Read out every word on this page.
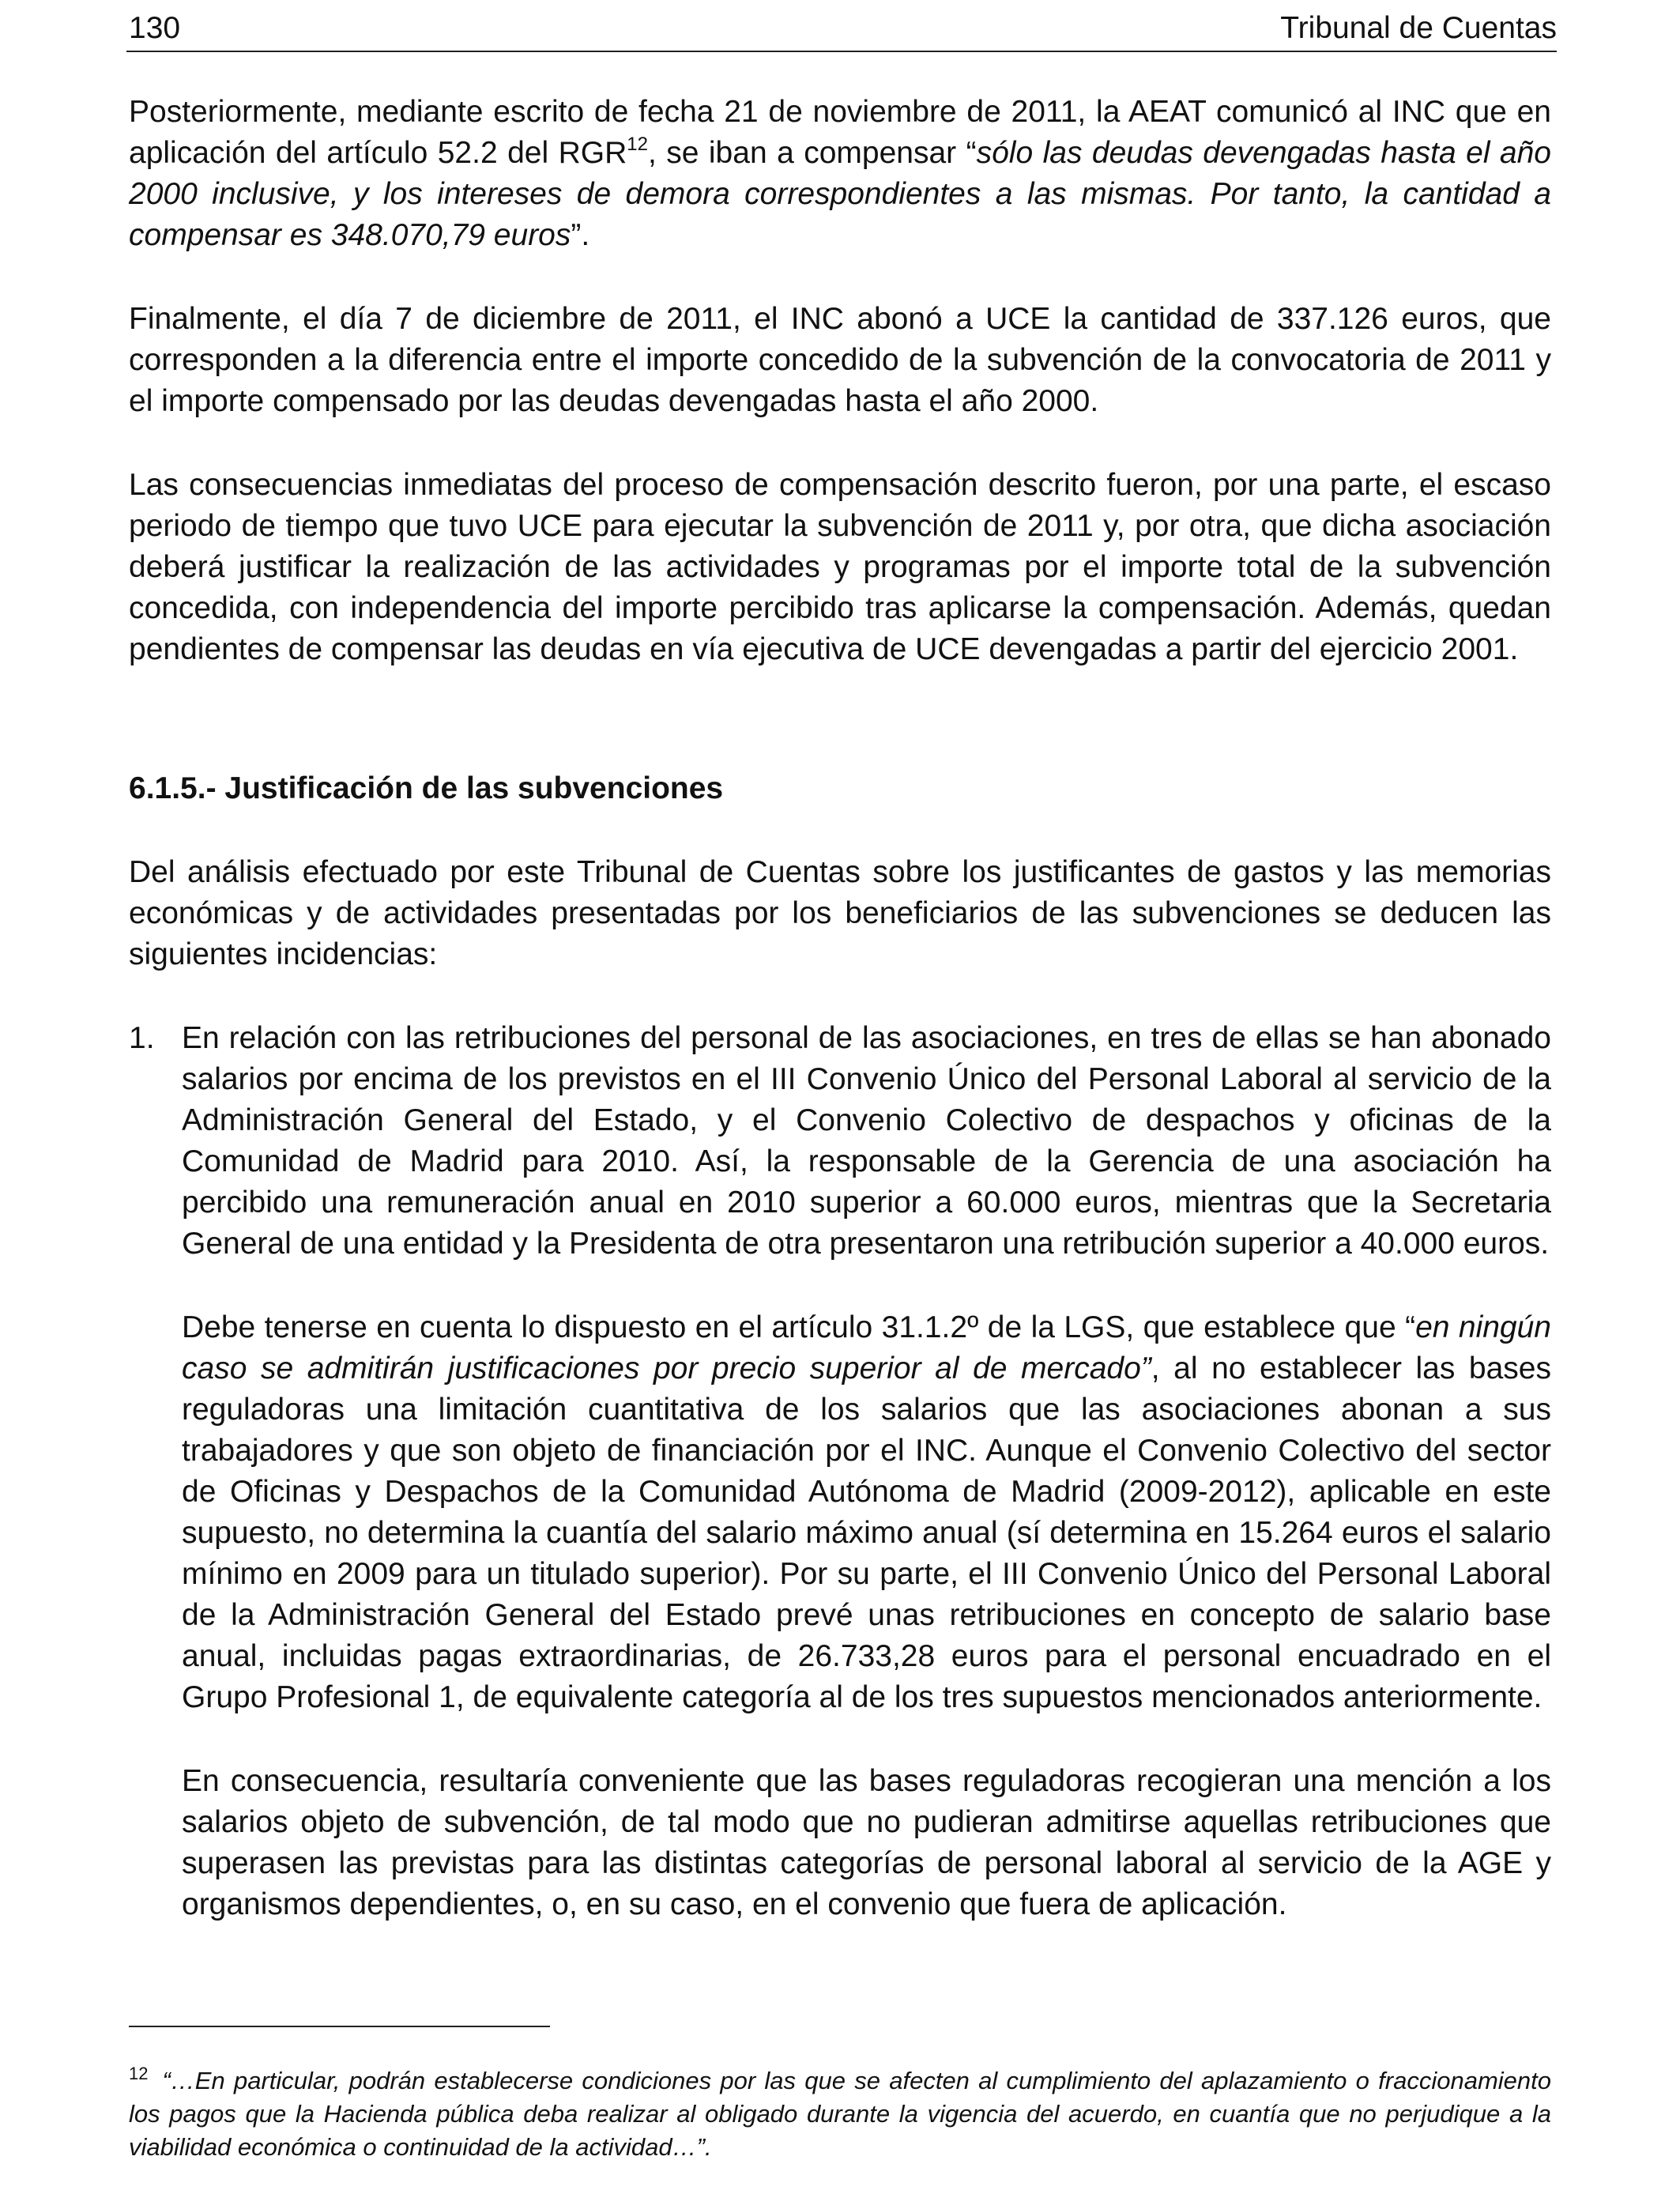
130	Tribunal de Cuentas

Posteriormente, mediante escrito de fecha 21 de noviembre de 2011, la AEAT comunicó al INC que en aplicación del artículo 52.2 del RGR$^{12}$, se iban a compensar “sólo las deudas devengadas hasta el año 2000 inclusive, y los intereses de demora correspondientes a las mismas. Por tanto, la cantidad a compensar es 348.070,79 euros”.

Finalmente, el día 7 de diciembre de 2011, el INC abonó a UCE la cantidad de 337.126 euros, que corresponden a la diferencia entre el importe concedido de la subvención de la convocatoria de 2011 y el importe compensado por las deudas devengadas hasta el año 2000.

Las consecuencias inmediatas del proceso de compensación descrito fueron, por una parte, el escaso periodo de tiempo que tuvo UCE para ejecutar la subvención de 2011 y, por otra, que dicha asociación deberá justificar la realización de las actividades y programas por el importe total de la subvención concedida, con independencia del importe percibido tras aplicarse la compensación. Además, quedan pendientes de compensar las deudas en vía ejecutiva de UCE devengadas a partir del ejercicio 2001.

6.1.5.- Justificación de las subvenciones

Del análisis efectuado por este Tribunal de Cuentas sobre los justificantes de gastos y las memorias económicas y de actividades presentadas por los beneficiarios de las subvenciones se deducen las siguientes incidencias:

1. En relación con las retribuciones del personal de las asociaciones, en tres de ellas se han abonado salarios por encima de los previstos en el III Convenio Único del Personal Laboral al servicio de la Administración General del Estado, y el Convenio Colectivo de despachos y oficinas de la Comunidad de Madrid para 2010. Así, la responsable de la Gerencia de una asociación ha percibido una remuneración anual en 2010 superior a 60.000 euros, mientras que la Secretaria General de una entidad y la Presidenta de otra presentaron una retribución superior a 40.000 euros.

Debe tenerse en cuenta lo dispuesto en el artículo 31.1.2º de la LGS, que establece que “en ningún caso se admitirán justificaciones por precio superior al de mercado”, al no establecer las bases reguladoras una limitación cuantitativa de los salarios que las asociaciones abonan a sus trabajadores y que son objeto de financiación por el INC. Aunque el Convenio Colectivo del sector de Oficinas y Despachos de la Comunidad Autónoma de Madrid (2009-2012), aplicable en este supuesto, no determina la cuantía del salario máximo anual (sí determina en 15.264 euros el salario mínimo en 2009 para un titulado superior). Por su parte, el III Convenio Único del Personal Laboral de la Administración General del Estado prevé unas retribuciones en concepto de salario base anual, incluidas pagas extraordinarias, de 26.733,28 euros para el personal encuadrado en el Grupo Profesional 1, de equivalente categoría al de los tres supuestos mencionados anteriormente.

En consecuencia, resultaría conveniente que las bases reguladoras recogieran una mención a los salarios objeto de subvención, de tal modo que no pudieran admitirse aquellas retribuciones que superasen las previstas para las distintas categorías de personal laboral al servicio de la AGE y organismos dependientes, o, en su caso, en el convenio que fuera de aplicación.

$^{12}$ “…En particular, podrán establecerse condiciones por las que se afecten al cumplimiento del aplazamiento o fraccionamiento los pagos que la Hacienda pública deba realizar al obligado durante la vigencia del acuerdo, en cuantía que no perjudique a la viabilidad económica o continuidad de la actividad…”.
